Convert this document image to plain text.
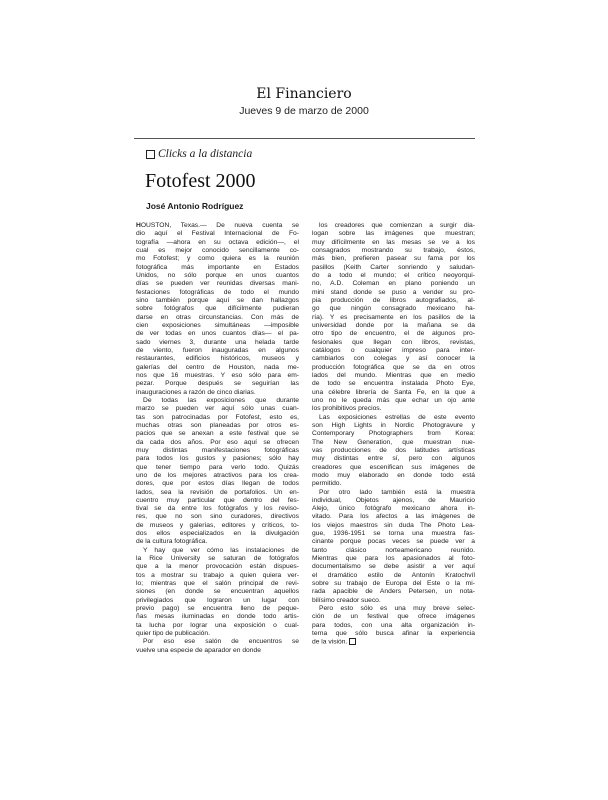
El Financiero
Jueves 9 de marzo de 2000
Clicks a la distancia
Fotofest 2000
José Antonio Rodríguez

HOUSTON, Texas.— De nueva cuenta se
dio aquí el Festival Internacional de Fo-
tografía —ahora en su octava edición—, el
cual es mejor conocido sencillamente co-
mo Fotofest; y como quiera es la reunión
fotográfica más importante en Estados
Unidos, no sólo porque en unos cuantos
días se pueden ver reunidas diversas mani-
festaciones fotográficas de todo el mundo
sino también porque aquí se dan hallazgos
sobre fotógrafos que difícilmente pudieran
darse en otras circunstancias. Con más de
cien exposiciones simultáneas —imposible
de ver todas en unos cuantos días— el pa-
sado viernes 3, durante una helada tarde
de viento, fueron inauguradas en algunos
restaurantes, edificios históricos, museos y
galerías del centro de Houston, nada me-
nos que 16 muestras. Y eso sólo para em-
pezar. Porque después se seguirían las
inauguraciones a razón de cinco diarias.

De todas las exposiciones que durante
marzo se pueden ver aquí sólo unas cuan-
tas son patrocinadas por Fotofest, esto es,
muchas otras son planeadas por otros es-
pacios que se anexan a este festival que se
da cada dos años. Por eso aquí se ofrecen
muy distintas manifestaciones fotográficas
para todos los gustos y pasiones; sólo hay
que tener tiempo para verlo todo. Quizás
uno de los mejores atractivos para los crea-
dores, que por estos días llegan de todos
lados, sea la revisión de portafolios. Un en-
cuentro muy particular que dentro del fes-
tival se da entre los fotógrafos y los reviso-
res, que no son sino curadores, directivos
de museos y galerías, editores y críticos, to-
dos ellos especializados en la divulgación
de la cultura fotográfica.

Y hay que ver cómo las instalaciones de
la Rice University se saturan de fotógrafos
que a la menor provocación están dispues-
tos a mostrar su trabajo a quien quiera ver-
lo; mientras que el salón principal de revi-
siones (en donde se encuentran aquellos
privilegiados que lograron un lugar con
previo pago) se encuentra lleno de peque-
ñas mesas iluminadas en donde todo artis-
ta lucha por lograr una exposición o cual-
quier tipo de publicación.

Por eso ese salón de encuentros se
vuelve una especie de aparador en donde

los creadores que comienzan a surgir dia-
logan sobre las imágenes que muestran;
muy difícilmente en las mesas se ve a los
consagrados mostrando su trabajo, éstos,
más bien, prefieren pasear su fama por los
pasillos (Keith Carter sonriendo y saludan-
do a todo el mundo; el crítico neoyorqui-
no, A.D. Coleman en plano poniendo un
mini stand donde se puso a vender su pro-
pia producción de libros autografiados, al-
go que ningún consagrado mexicano ha-
ría). Y es precisamente en los pasillos de la
universidad donde por la mañana se da
otro tipo de encuentro, el de algunos pro-
fesionales que llegan con libros, revistas,
catálogos o cualquier impreso para inter-
cambiarlos con colegas y así conocer la
producción fotográfica que se da en otros
lados del mundo. Mientras que en medio
de todo se encuentra instalada Photo Eye,
una célebre librería de Santa Fe, en la que a
uno no le queda más que echar un ojo ante
los prohibitivos precios.

Las exposiciones estrellas de este evento
son High Lights in Nordic Photogravure y
Contemporary Photographers from Korea:
The New Generation, que muestran nue-
vas producciones de dos latitudes artísticas
muy distintas entre sí, pero con algunos
creadores que escenifican sus imágenes de
modo muy elaborado en donde todo está
permitido.

Por otro lado también está la muestra
individual, Objetos ajenos, de Mauricio
Alejo, único fotógrafo mexicano ahora in-
vitado. Para los afectos a las imágenes de
los viejos maestros sin duda The Photo Lea-
gue, 1936-1951 se torna una muestra fas-
cinante porque pocas veces se puede ver a
tanto clásico norteamericano reunido.
Mientras que para los apasionados al foto-
documentalismo se debe asistir a ver aquí
el dramático estilo de Antonín Kratochvíl
sobre su trabajo de Europa del Este o la mi-
rada apacible de Anders Petersen, un nota-
bilísimo creador sueco.

Pero esto sólo es una muy breve selec-
ción de un festival que ofrece imágenes
para todos, con una alta organización in-
terna que sólo busca afinar la experiencia
de la visión.
